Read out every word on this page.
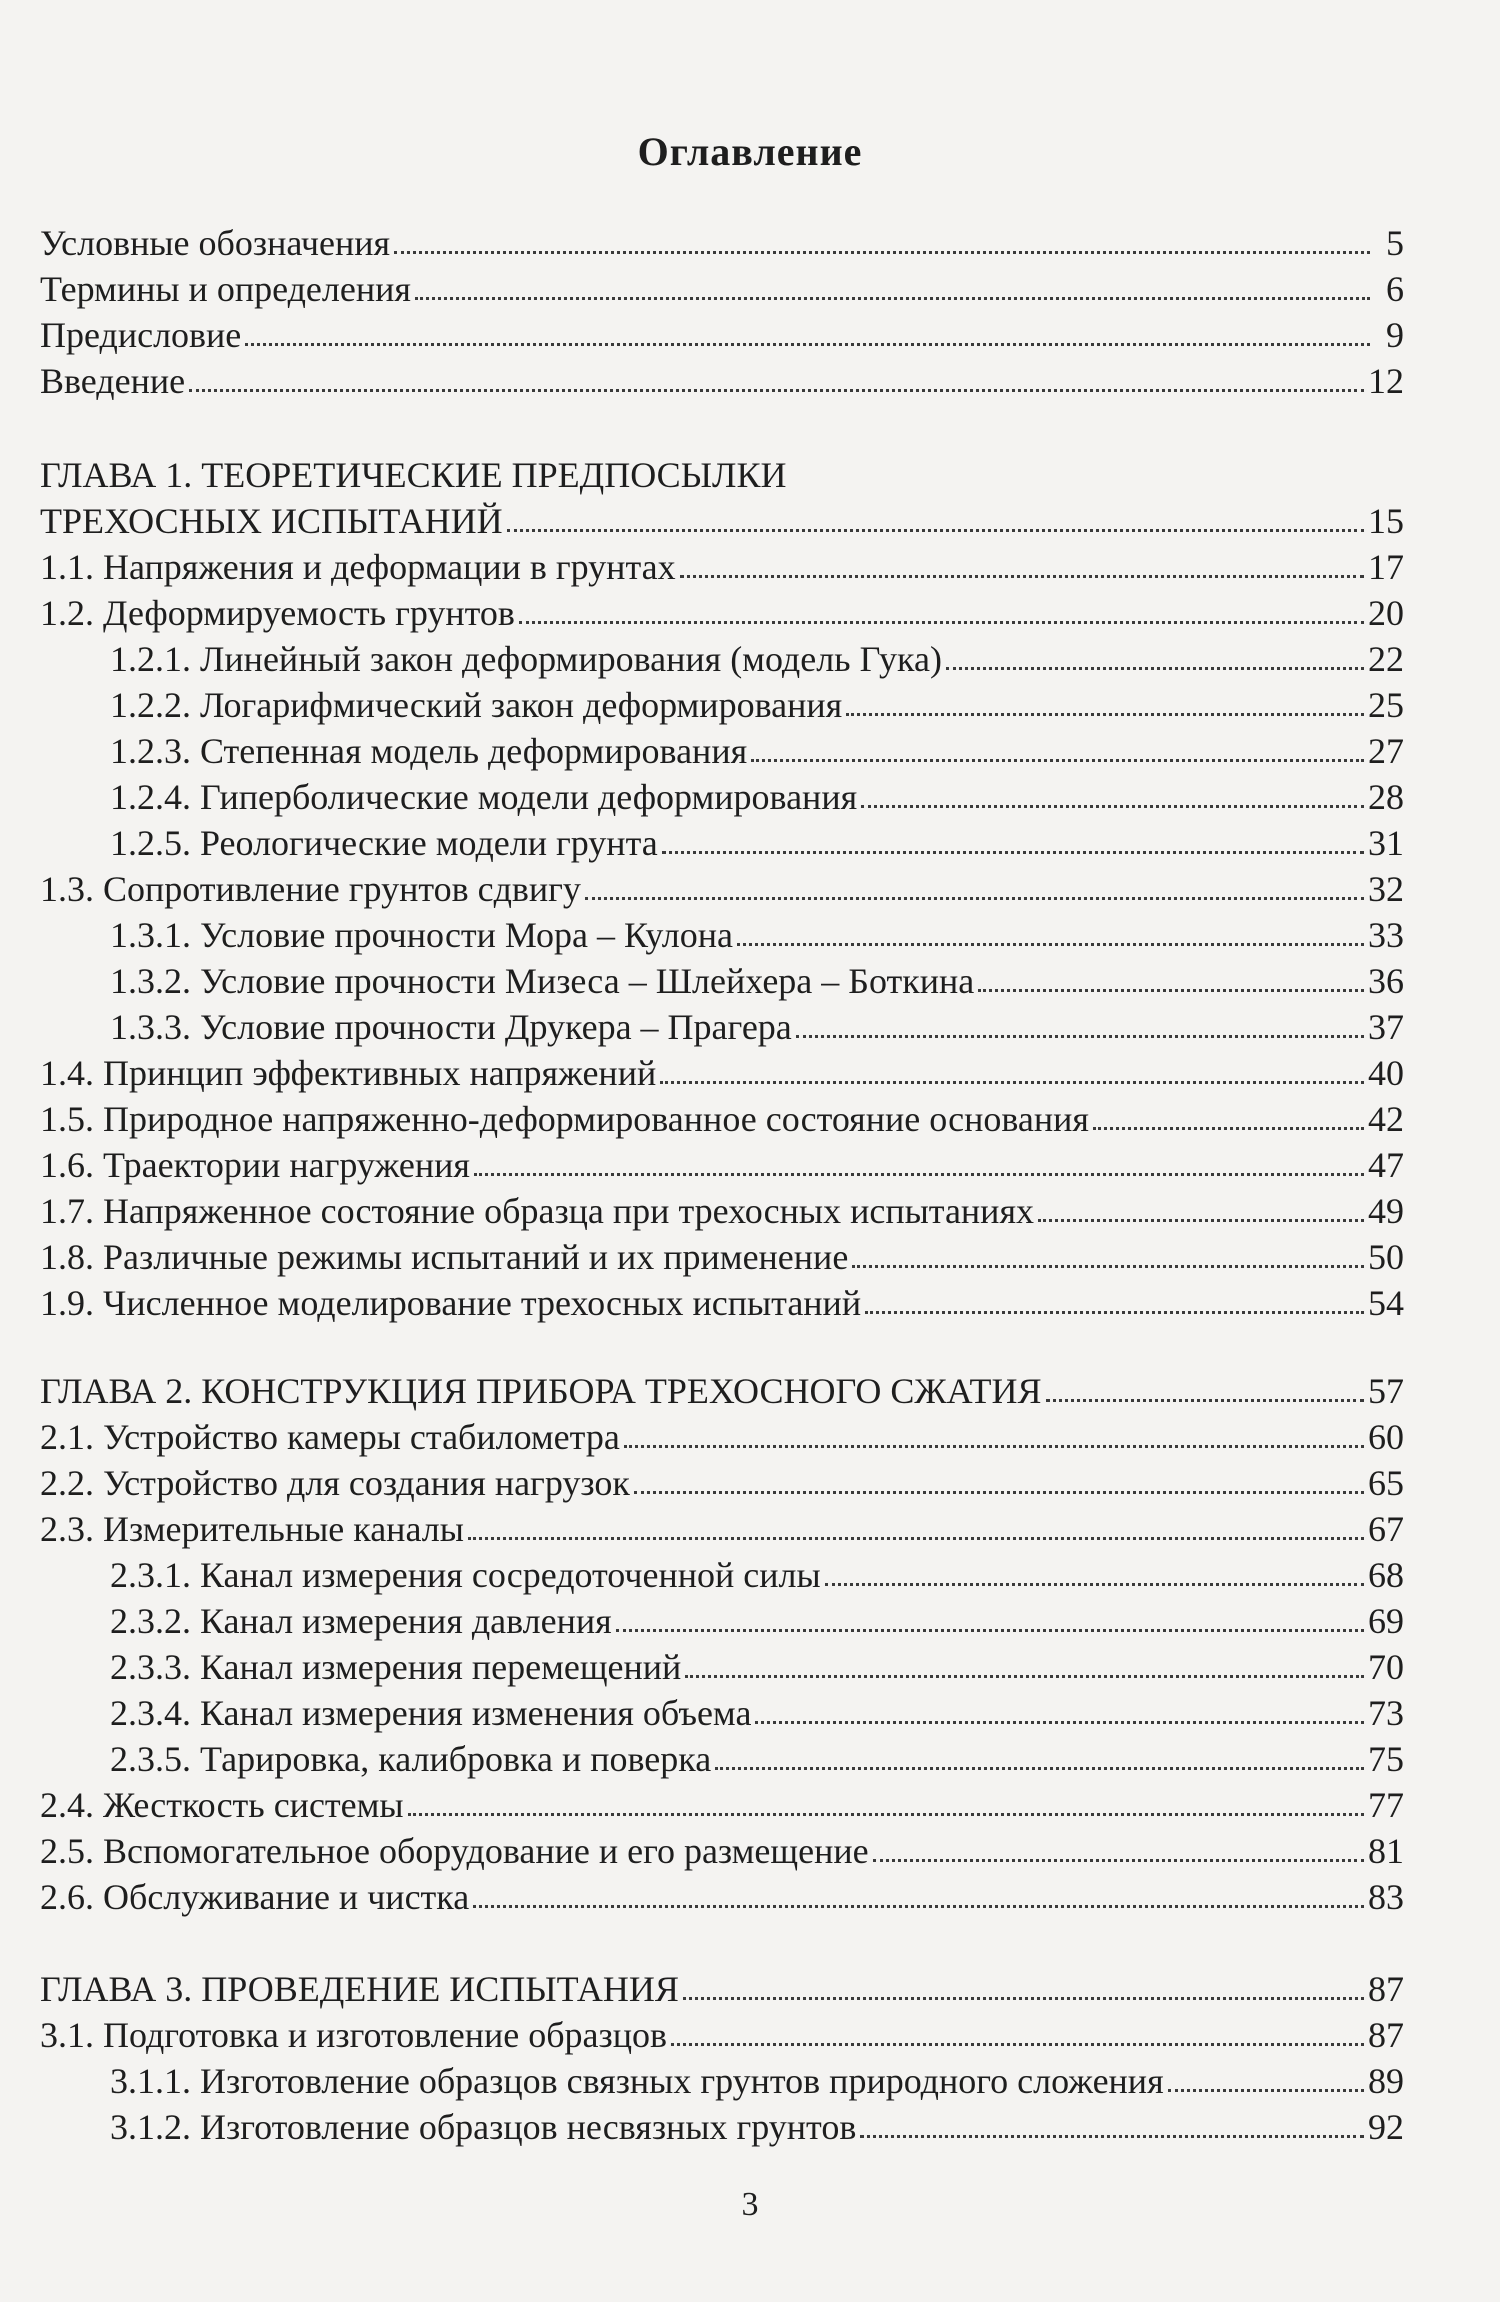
Оглавление
Условные обозначения	5
Термины и определения	6
Предисловие	9
Введение	12
ГЛАВА 1. ТЕОРЕТИЧЕСКИЕ ПРЕДПОСЫЛКИ
ТРЕХОСНЫХ ИСПЫТАНИЙ	15
1.1. Напряжения и деформации в грунтах	17
1.2. Деформируемость грунтов	20
1.2.1. Линейный закон деформирования (модель Гука)	22
1.2.2. Логарифмический закон деформирования	25
1.2.3. Степенная модель деформирования	27
1.2.4. Гиперболические модели деформирования	28
1.2.5. Реологические модели грунта	31
1.3. Сопротивление грунтов сдвигу	32
1.3.1. Условие прочности Мора – Кулона	33
1.3.2. Условие прочности Мизеса – Шлейхера – Боткина	36
1.3.3. Условие прочности Друкера – Прагера	37
1.4. Принцип эффективных напряжений	40
1.5. Природное напряженно-деформированное состояние основания	42
1.6. Траектории нагружения	47
1.7. Напряженное состояние образца при трехосных испытаниях	49
1.8. Различные режимы испытаний и их применение	50
1.9. Численное моделирование трехосных испытаний	54
ГЛАВА 2. КОНСТРУКЦИЯ ПРИБОРА ТРЕХОСНОГО СЖАТИЯ	57
2.1. Устройство камеры стабилометра	60
2.2. Устройство для создания нагрузок	65
2.3. Измерительные каналы	67
2.3.1. Канал измерения сосредоточенной силы	68
2.3.2. Канал измерения давления	69
2.3.3. Канал измерения перемещений	70
2.3.4. Канал измерения изменения объема	73
2.3.5. Тарировка, калибровка и поверка	75
2.4. Жесткость системы	77
2.5. Вспомогательное оборудование и его размещение	81
2.6. Обслуживание и чистка	83
ГЛАВА 3. ПРОВЕДЕНИЕ ИСПЫТАНИЯ	87
3.1. Подготовка и изготовление образцов	87
3.1.1. Изготовление образцов связных грунтов природного сложения	89
3.1.2. Изготовление образцов несвязных грунтов	92
3
